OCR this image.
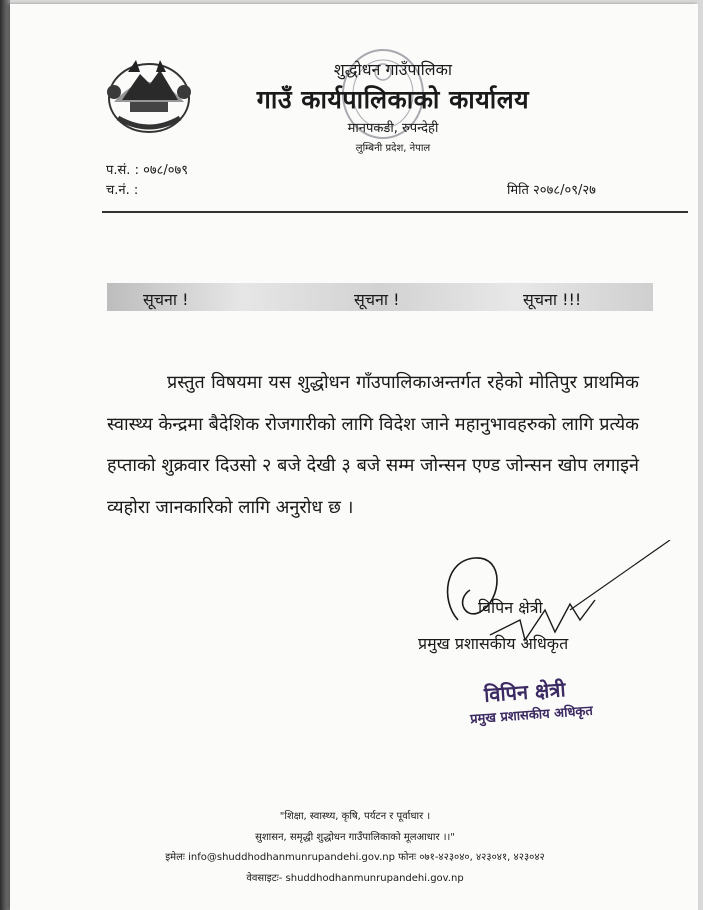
शुद्धोधन गाउँपालिका
गाउँ कार्यपालिकाको कार्यालय
मानपकडी, रुपन्देही
लुम्बिनी प्रदेश, नेपाल
प.सं. : ०७८/०७९
च.नं. :	मिति २०७८/०९/२७
सूचना !	सूचना !	सूचना !!!
प्रस्तुत विषयमा यस शुद्धोधन गाँउपालिकाअन्तर्गत रहेको मोतिपुर प्राथमिक स्वास्थ्य केन्द्रमा बैदेशिक रोजगारीको लागि विदेश जाने महानुभावहरुको लागि प्रत्येक हप्ताको शुक्रवार दिउसो २ बजे देखी ३ बजे सम्म जोन्सन एण्ड जोन्सन खोप लगाइने व्यहोरा जानकारिको लागि अनुरोध छ ।
विपिन क्षेत्री
प्रमुख प्रशासकीय अधिकृत
विपिन क्षेत्री
प्रमुख प्रशासकीय अधिकृत
"शिक्षा, स्वास्थ्य, कृषि, पर्यटन र पूर्वाधार ।
सुशासन, समृद्धी शुद्धोधन गाउँपालिकाको मूलआधार ।।"
इमेलः info@shuddhodhanmunrupandehi.gov.np फोनः ०७१-४२३०४०, ४२३०४१, ४२३०४२
वेवसाइटः- shuddhodhanmunrupandehi.gov.np
